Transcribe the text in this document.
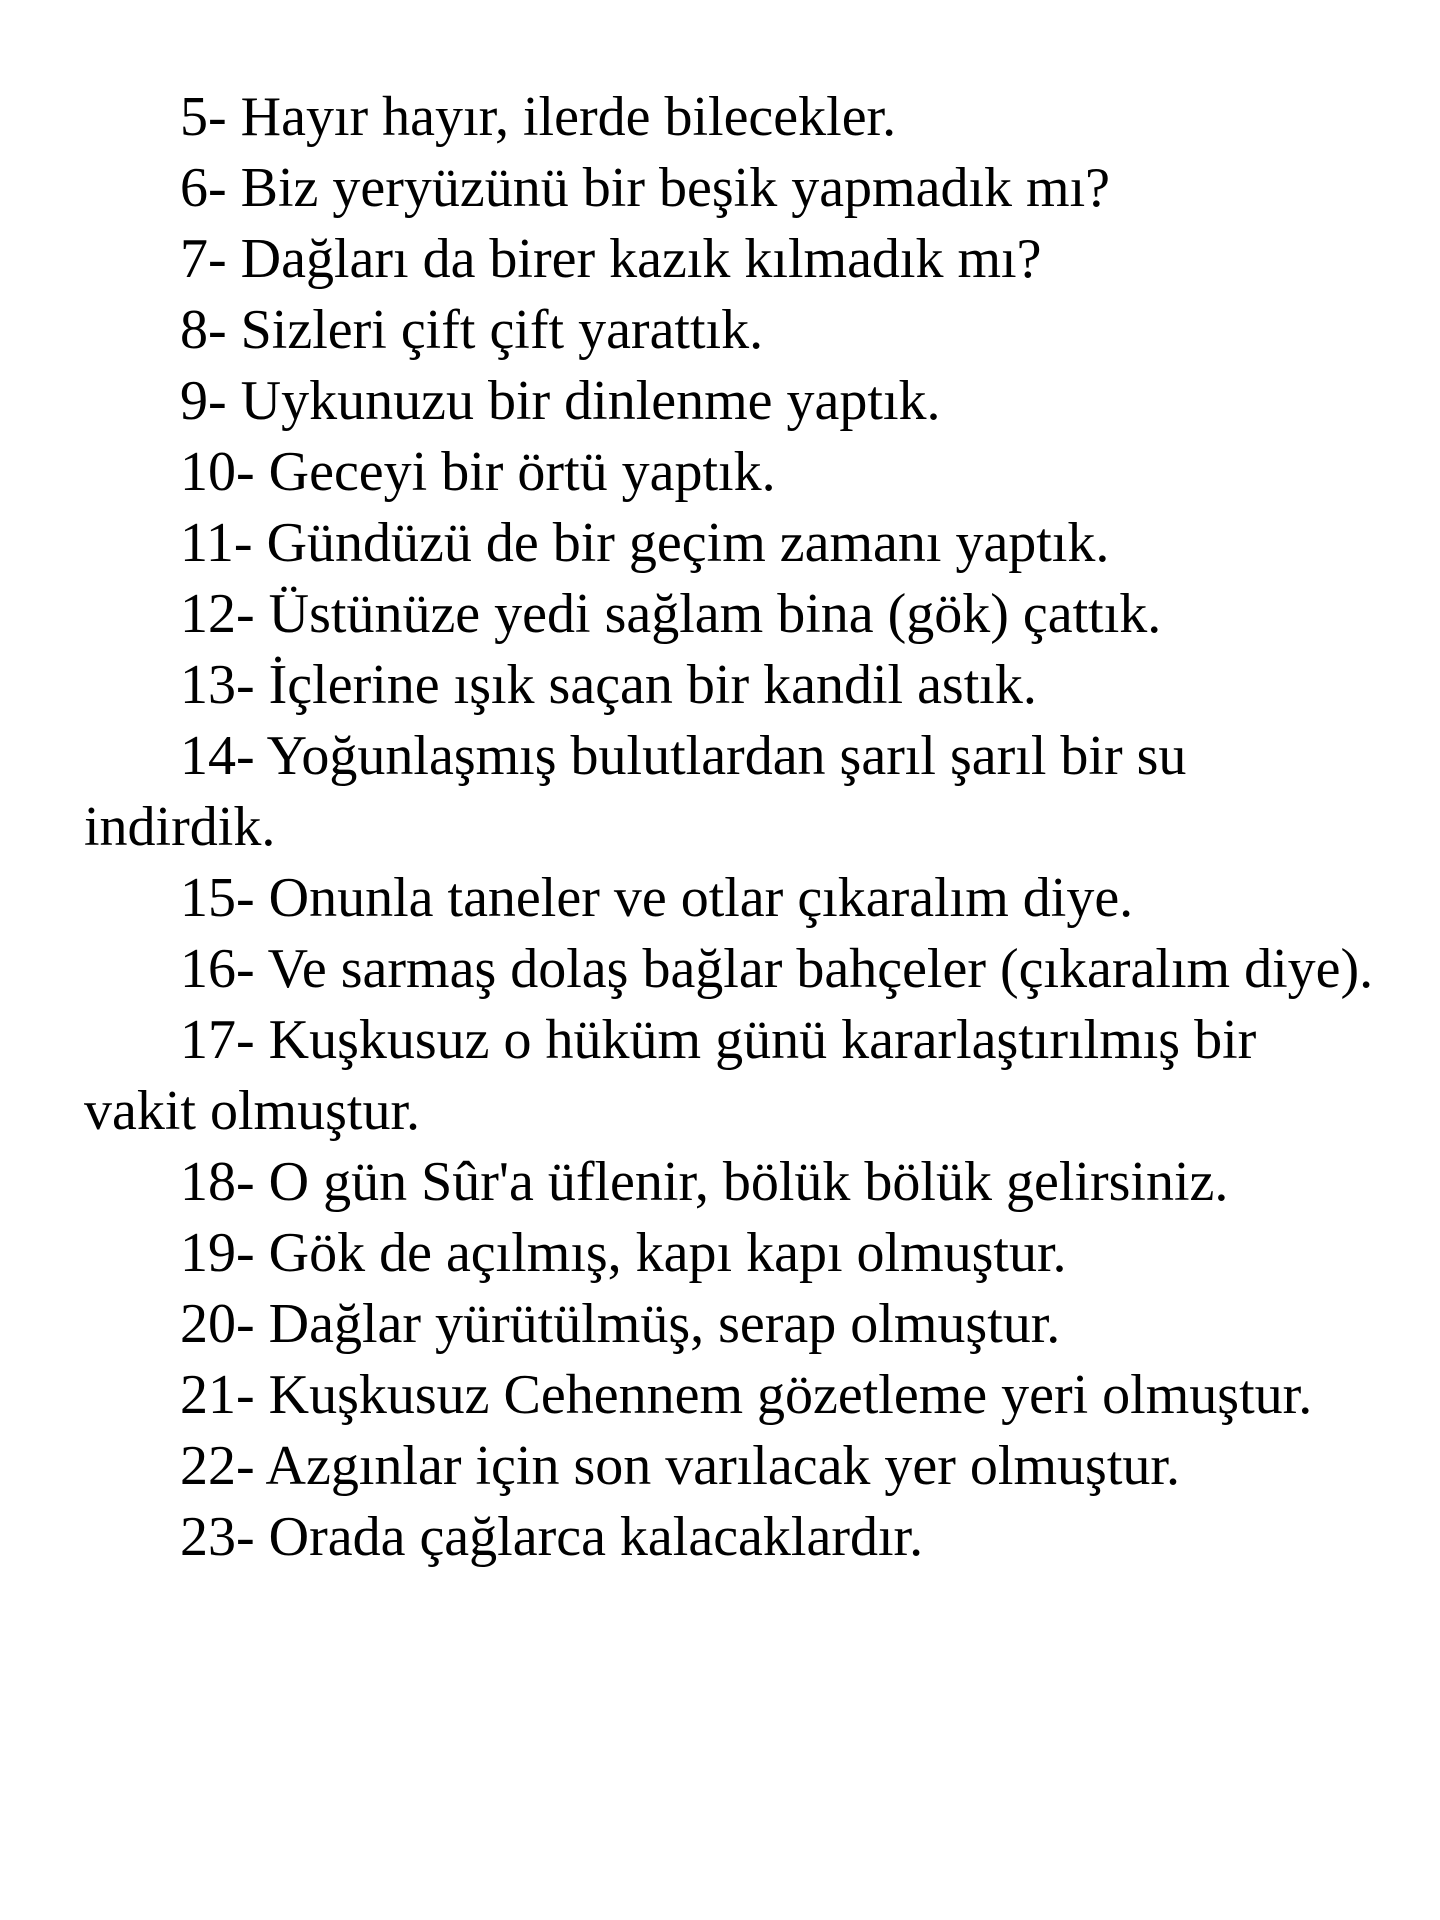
5- Hayır hayır, ilerde bilecekler.

6- Biz yeryüzünü bir beşik yapmadık mı?

7- Dağları da birer kazık kılmadık mı?

8- Sizleri çift çift yarattık.

9- Uykunuzu bir dinlenme yaptık.

10- Geceyi bir örtü yaptık.

11- Gündüzü de bir geçim zamanı yaptık.

12- Üstünüze yedi sağlam bina (gök) çattık.

13- İçlerine ışık saçan bir kandil astık.

14- Yoğunlaşmış bulutlardan şarıl şarıl bir su indirdik.

15- Onunla taneler ve otlar çıkaralım diye.

16- Ve sarmaş dolaş bağlar bahçeler (çıkaralım diye).

17- Kuşkusuz o hüküm günü kararlaştırılmış bir vakit olmuştur.

18- O gün Sûr'a üflenir, bölük bölük gelirsiniz.

19- Gök de açılmış, kapı kapı olmuştur.

20- Dağlar yürütülmüş, serap olmuştur.

21- Kuşkusuz Cehennem gözetleme yeri olmuştur.

22- Azgınlar için son varılacak yer olmuştur.

23- Orada çağlarca kalacaklardır.
